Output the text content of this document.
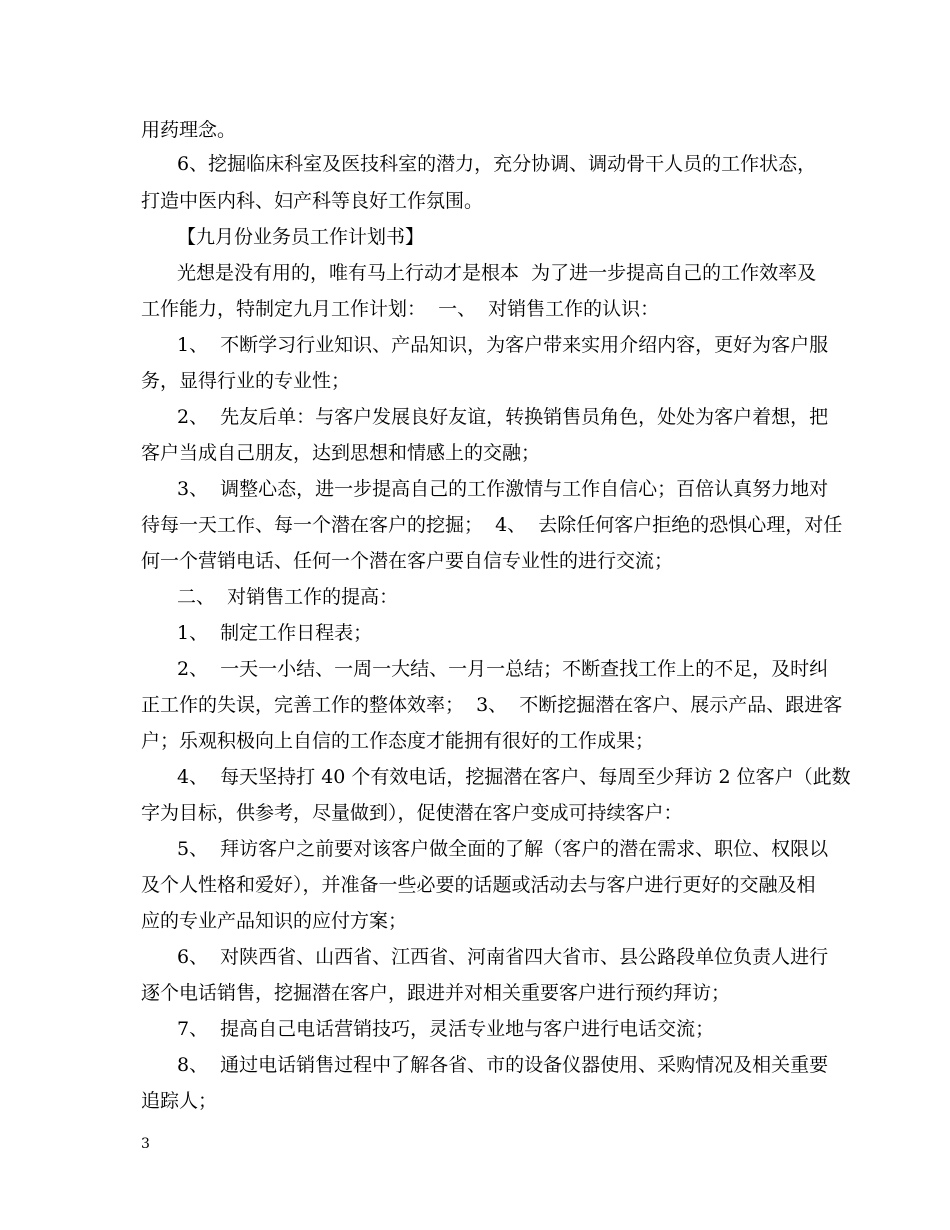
用药理念。
6、挖掘临床科室及医技科室的潜力，充分协调、调动骨干人员的工作状态，
打造中医内科、妇产科等良好工作氛围。
【九月份业务员工作计划书】
光想是没有用的，唯有马上行动才是根本  为了进一步提高自己的工作效率及
工作能力，特制定九月工作计划：  一、  对销售工作的认识：
1、  不断学习行业知识、产品知识，为客户带来实用介绍内容，更好为客户服
务，显得行业的专业性；
2、  先友后单：与客户发展良好友谊，转换销售员角色，处处为客户着想，把
客户当成自己朋友，达到思想和情感上的交融；
3、  调整心态，进一步提高自己的工作激情与工作自信心；百倍认真努力地对
待每一天工作、每一个潜在客户的挖掘；  4、  去除任何客户拒绝的恐惧心理，对任
何一个营销电话、任何一个潜在客户要自信专业性的进行交流；
二、  对销售工作的提高：
1、  制定工作日程表；
2、  一天一小结、一周一大结、一月一总结；不断查找工作上的不足，及时纠
正工作的失误，完善工作的整体效率；  3、  不断挖掘潜在客户、展示产品、跟进客
户；乐观积极向上自信的工作态度才能拥有很好的工作成果；
4、  每天坚持打 40 个有效电话，挖掘潜在客户、每周至少拜访 2 位客户（此数
字为目标，供参考，尽量做到），促使潜在客户变成可持续客户：
5、  拜访客户之前要对该客户做全面的了解（客户的潜在需求、职位、权限以
及个人性格和爱好），并准备一些必要的话题或活动去与客户进行更好的交融及相
应的专业产品知识的应付方案；
6、  对陕西省、山西省、江西省、河南省四大省市、县公路段单位负责人进行
逐个电话销售，挖掘潜在客户，跟进并对相关重要客户进行预约拜访；
7、  提高自己电话营销技巧，灵活专业地与客户进行电话交流；
8、  通过电话销售过程中了解各省、市的设备仪器使用、采购情况及相关重要
追踪人；
3
